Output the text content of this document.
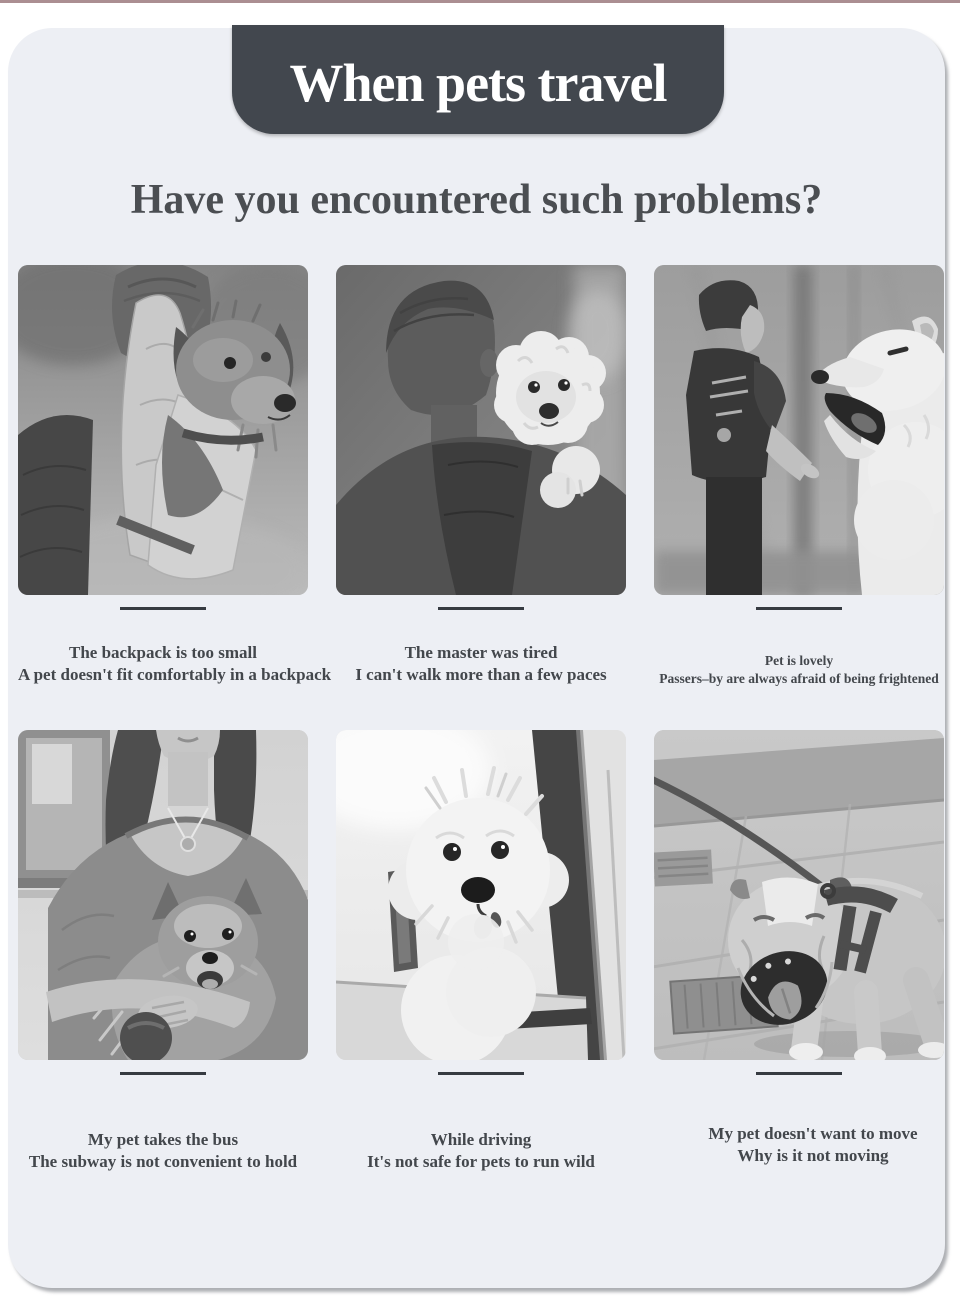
When pets travel
Have you encountered such problems?
The backpack is too small
A pet doesn't fit comfortably in a backpack
The master was tired
I can't walk more than a few paces
Pet is lovely
Passers–by are always afraid of being frightened
My pet takes the bus
The subway is not convenient to hold
While driving
It's not safe for pets to run wild
My pet doesn't want to move
Why is it not moving
